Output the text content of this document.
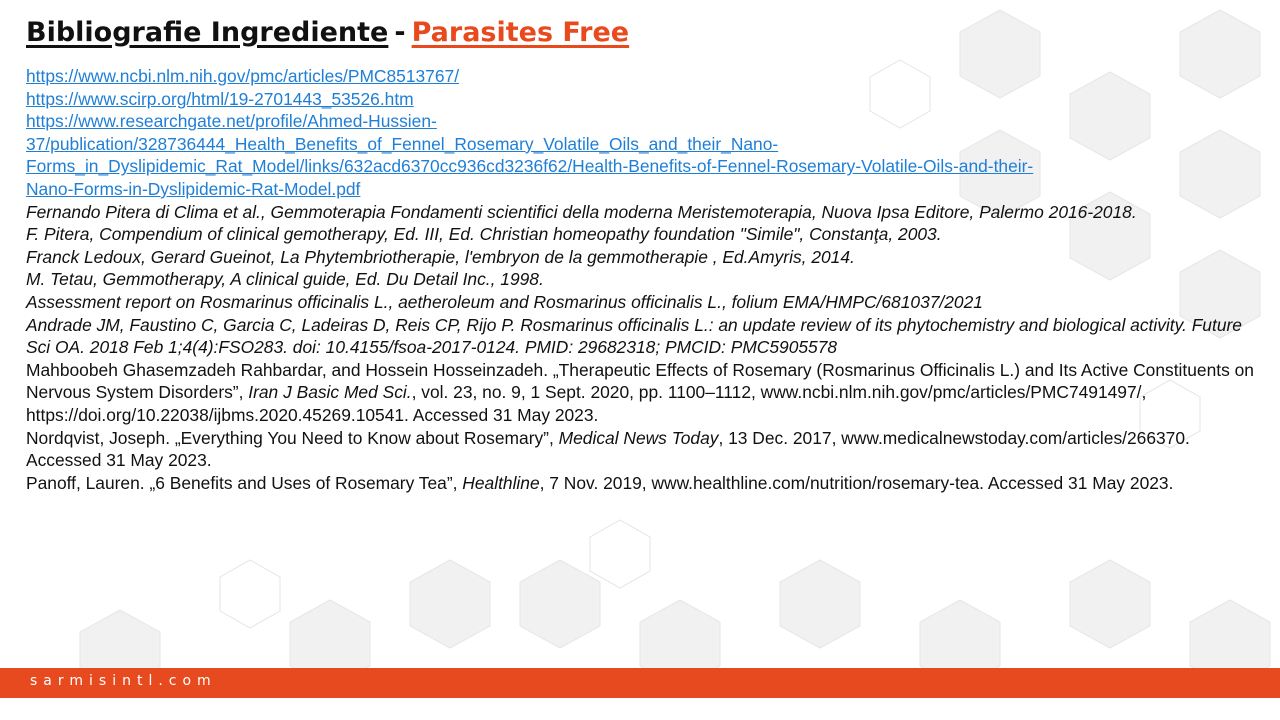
Bibliografie Ingrediente - Parasites Free

https://www.ncbi.nlm.nih.gov/pmc/articles/PMC8513767/

https://www.scirp.org/html/19-2701443_53526.htm

https://www.researchgate.net/profile/Ahmed-Hussien-

37/publication/328736444_Health_Benefits_of_Fennel_Rosemary_Volatile_Oils_and_their_Nano-

Forms_in_Dyslipidemic_Rat_Model/links/632acd6370cc936cd3236f62/Health-Benefits-of-Fennel-Rosemary-Volatile-Oils-and-their-

Nano-Forms-in-Dyslipidemic-Rat-Model.pdf

Fernando Pitera di Clima et al., Gemmoterapia Fondamenti scientifici della moderna Meristemoterapia, Nuova Ipsa Editore, Palermo 2016-2018.

F. Pitera, Compendium of clinical gemotherapy, Ed. III, Ed. Christian homeopathy foundation "Simile", Constanţa, 2003.

Franck Ledoux, Gerard Gueinot, La Phytembriotherapie, l'embryon de la gemmotherapie , Ed.Amyris, 2014.

M. Tetau, Gemmotherapy, A clinical guide, Ed. Du Detail Inc., 1998.

Assessment report on Rosmarinus officinalis L., aetheroleum and Rosmarinus officinalis L., folium EMA/HMPC/681037/2021

Andrade JM, Faustino C, Garcia C, Ladeiras D, Reis CP, Rijo P. Rosmarinus officinalis L.: an update review of its phytochemistry and biological activity. Future Sci OA. 2018 Feb 1;4(4):FSO283. doi: 10.4155/fsoa-2017-0124. PMID: 29682318; PMCID: PMC5905578

Mahboobeh Ghasemzadeh Rahbardar, and Hossein Hosseinzadeh. „Therapeutic Effects of Rosemary (Rosmarinus Officinalis L.) and Its Active Constituents on Nervous System Disorders”, Iran J Basic Med Sci., vol. 23, no. 9, 1 Sept. 2020, pp. 1100–1112, www.ncbi.nlm.nih.gov/pmc/articles/PMC7491497/, https://doi.org/10.22038/ijbms.2020.45269.10541. Accessed 31 May 2023.

Nordqvist, Joseph. „Everything You Need to Know about Rosemary”, Medical News Today, 13 Dec. 2017, www.medicalnewstoday.com/articles/266370. Accessed 31 May 2023.

Panoff, Lauren. „6 Benefits and Uses of Rosemary Tea”, Healthline, 7 Nov. 2019, www.healthline.com/nutrition/rosemary-tea. Accessed 31 May 2023.

sarmisintl.com
